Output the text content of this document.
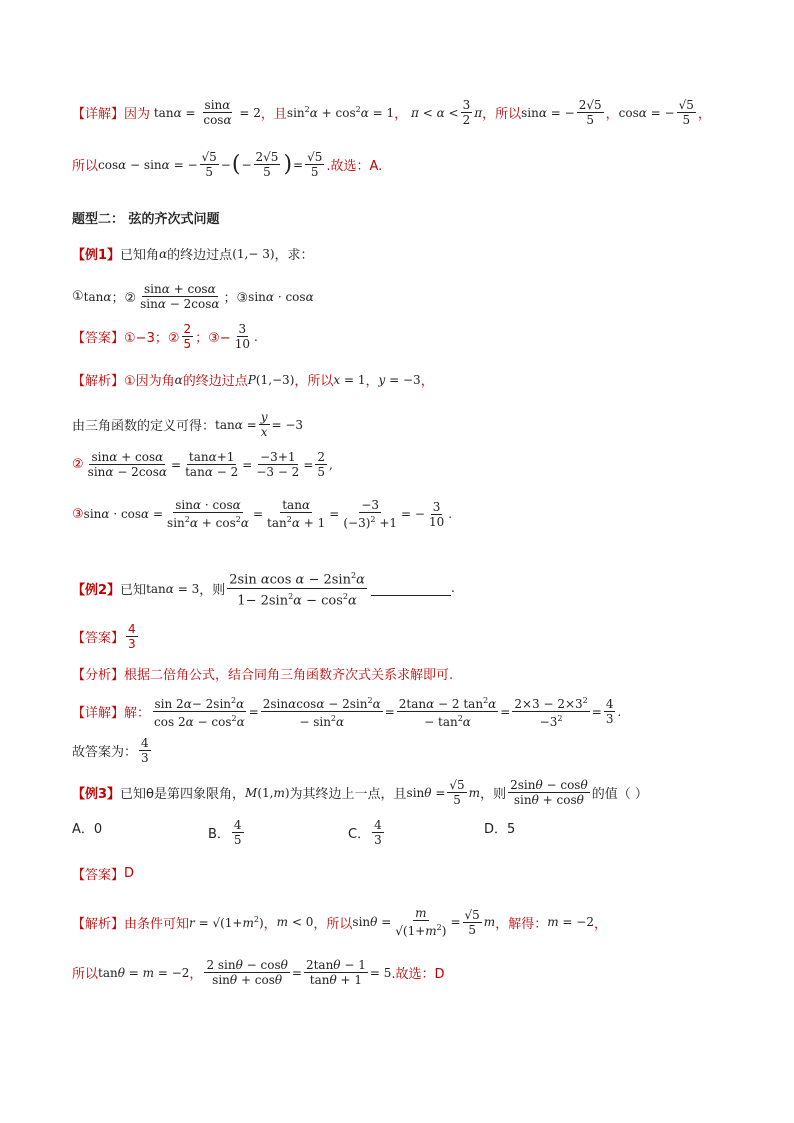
【详解】 因为 $\tan\alpha = \frac{\sin\alpha}{\cos\alpha} = 2$ ，且 $\sin^2\alpha + \cos^2\alpha = 1$ ， $\pi < \alpha < \frac{3}{2}$ π ，所以 sinα = − $\frac{2√5}{5}$ ， cosα = − $\frac{√5}{5}$ ，
所以 cosα − sinα = − $\frac{√5}{5}$ − ( − $\frac{2√5}{5}$ ) = $\frac{√5}{5}$ .故选：A.
题型二： 弦的齐次式问题
【例1】 已知角 α 的终边过点 (1,− 3) ，求：
① tanα ；② $\frac{\sin\alpha + \cos\alpha}{\sin\alpha - 2\cos\alpha}$ ；③ sinα · cosα
【答案】 ①−3；② $\frac{2}{5}$ ；③− $\frac{3}{10}$ .
【解析】 ①因为角 α 的终边过点 P(1,−3) ，所以 x = 1 ， y = −3 ，
由三角函数的定义可得： $\tan\alpha = \frac{y}{x} = -3$
② $\frac{\sin\alpha + \cos\alpha}{\sin\alpha - 2\cos\alpha} = \frac{\tan\alpha+1}{\tan\alpha - 2} = \frac{-3+1}{-3 - 2} = \frac{2}{5}$ ,
③ $\sin\alpha \cdot \cos\alpha = \frac{\sin\alpha \cdot \cos\alpha}{\sin^2\alpha + \cos^2\alpha} = \frac{\tan\alpha}{\tan^2\alpha + 1} = \frac{-3}{(-3)^2 +1}$ = − $\frac{3}{10}$ .
【例2】 已知 tanα = 3 ，则 $\frac{2\sin \alpha\cos \alpha - 2\sin^2\alpha}{1- 2\sin^2\alpha - \cos^2\alpha}$	.
【答案】 $\frac{4}{3}$
【分析】 根据二倍角公式，结合同角三角函数齐次式关系求解即可.
【详解】 解： $\frac{\sin 2\alpha- 2\sin^2\alpha}{\cos 2\alpha - \cos^2\alpha} = \frac{2\sin\alpha\cos\alpha - 2\sin^2\alpha}{- \sin^2\alpha} = \frac{2\tan\alpha - 2 \tan^2\alpha}{- \tan^2\alpha} = \frac{2\times 3 - 2\times 3^2}{-3^2} = \frac{4}{3}$ .
故答案为： $\frac{4}{3}$
【例3】 已知θ是第四象限角， M(1,m) 为其终边上一点，且 $\sin\theta = \frac{√5}{5}$ m ，则 $\frac{2\sin\theta - \cos\theta}{\sin\theta + \cos\theta}$ 的值（ ）
A．0	B． $\frac{4}{5}$	C． $\frac{4}{3}$	D．5
【答案】 D
【解析】 由条件可知 $r = √(1+m^2)$ ， m < 0 ，所以 $\sin\theta = \frac{m}{√(1+m^2)} = \frac{√5}{5}$ m ，解得： m = −2 ，
所以 tanθ = m = −2 ， $\frac{2 \sin\theta - \cos\theta}{\sin\theta + \cos\theta} = \frac{2\tan\theta - 1}{\tan\theta + 1} = 5$ .故选：D
